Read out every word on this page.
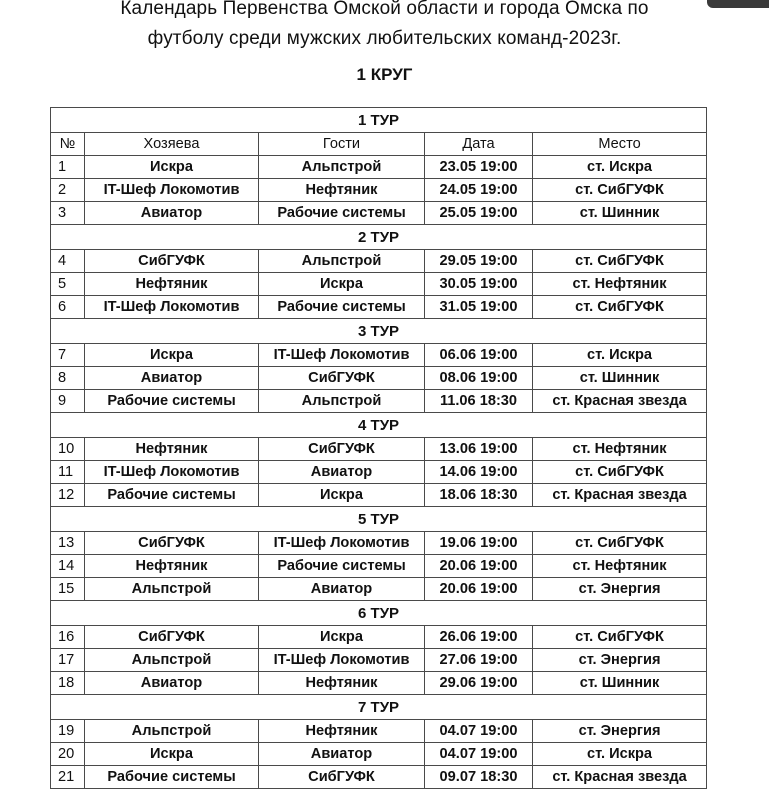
Календарь Первенства Омской области и города Омска по
футболу среди мужских любительских команд-2023г.
1 КРУГ
1 ТУР				
№	Хозяева	Гости	Дата	Место
1	Искра	Альпстрой	23.05 19:00	ст. Искра
2	IT-Шеф Локомотив	Нефтяник	24.05 19:00	ст. СибГУФК
3	Авиатор	Рабочие системы	25.05 19:00	ст. Шинник
2 ТУР				
4	СибГУФК	Альпстрой	29.05 19:00	ст. СибГУФК
5	Нефтяник	Искра	30.05 19:00	ст. Нефтяник
6	IT-Шеф Локомотив	Рабочие системы	31.05 19:00	ст. СибГУФК
3 ТУР				
7	Искра	IT-Шеф Локомотив	06.06 19:00	ст. Искра
8	Авиатор	СибГУФК	08.06 19:00	ст. Шинник
9	Рабочие системы	Альпстрой	11.06 18:30	ст. Красная звезда
4 ТУР				
10	Нефтяник	СибГУФК	13.06 19:00	ст. Нефтяник
11	IT-Шеф Локомотив	Авиатор	14.06 19:00	ст. СибГУФК
12	Рабочие системы	Искра	18.06 18:30	ст. Красная звезда
5 ТУР				
13	СибГУФК	IT-Шеф Локомотив	19.06 19:00	ст. СибГУФК
14	Нефтяник	Рабочие системы	20.06 19:00	ст. Нефтяник
15	Альпстрой	Авиатор	20.06 19:00	ст. Энергия
6 ТУР				
16	СибГУФК	Искра	26.06 19:00	ст. СибГУФК
17	Альпстрой	IT-Шеф Локомотив	27.06 19:00	ст. Энергия
18	Авиатор	Нефтяник	29.06 19:00	ст. Шинник
7 ТУР				
19	Альпстрой	Нефтяник	04.07 19:00	ст. Энергия
20	Искра	Авиатор	04.07 19:00	ст. Искра
21	Рабочие системы	СибГУФК	09.07 18:30	ст. Красная звезда
